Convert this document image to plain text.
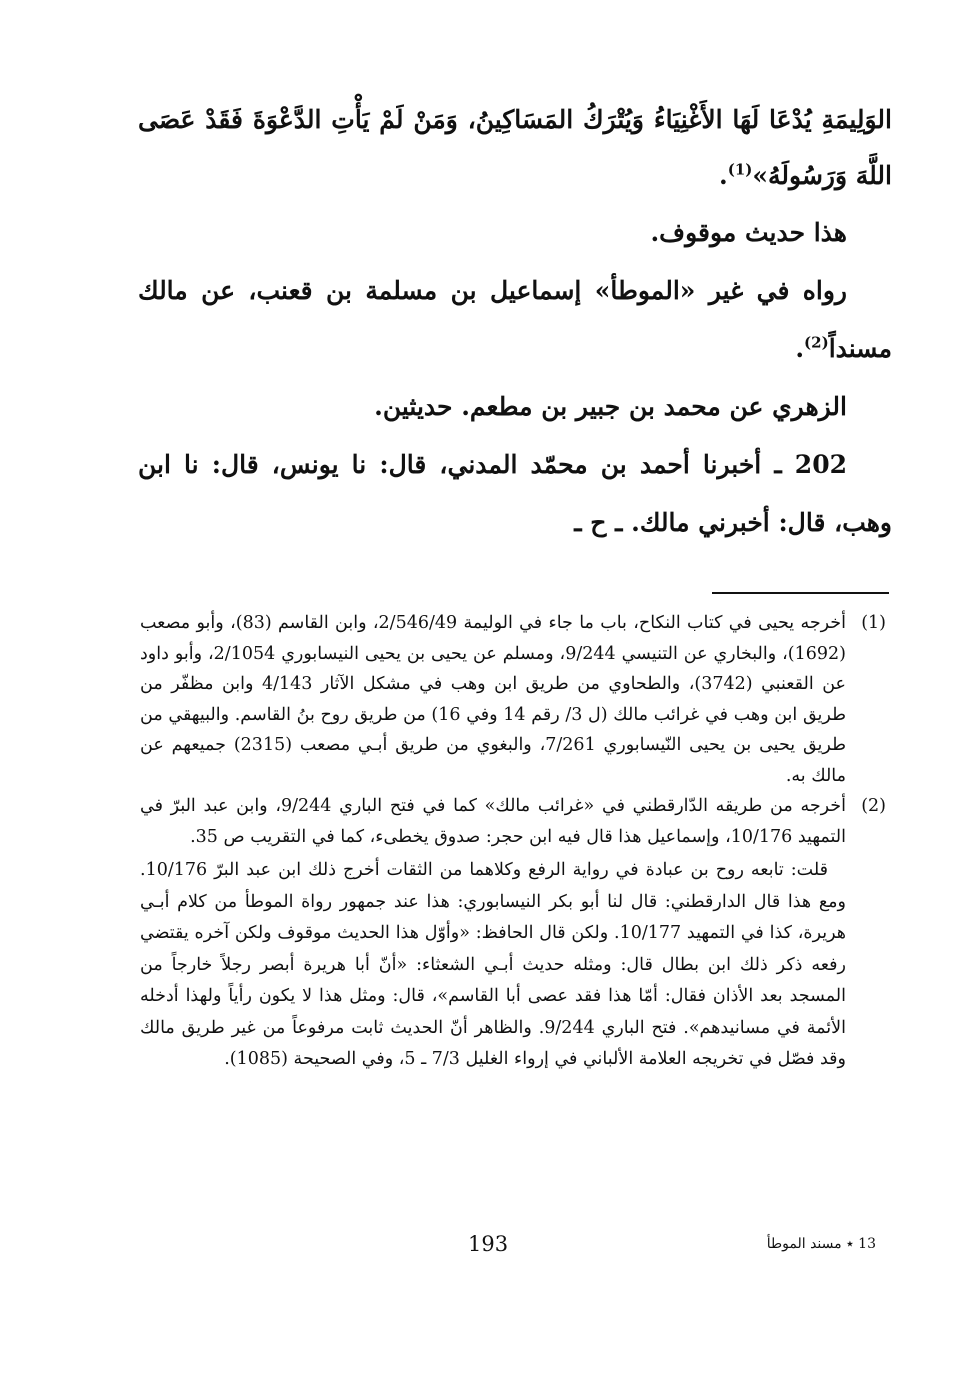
الوَلِيمَةِ يُدْعَا لَهَا الأَغْنِيَاءُ وَيُتْرَكُ المَسَاكِينُ، وَمَنْ لَمْ يَأْتِ الدَّعْوَةَ فَقَدْ عَصَى اللَّهَ وَرَسُولَهُ»$^{(1)}$.

هذا حديث موقوف.

رواه في غير «الموطأ» إسماعيل بن مسلمة بن قعنب، عن مالك مسنداً$^{(2)}$.

الزهري عن محمد بن جبير بن مطعم. حديثين.

202 ـ أخبرنا أحمد بن محمّد المدني، قال: نا يونس، قال: نا ابن وهب، قال: أخبرني مالك. ـ ح ـ

(1)
أخرجه يحيى في كتاب النكاح، باب ما جاء في الوليمة 2/546/49، وابن القاسم (83)، وأبو مصعب (1692)، والبخاري عن التنيسي 9/244، ومسلم عن يحيى بن يحيى النيسابوري 2/1054، وأبو داود عن القعنبي (3742)، والطحاوي من طريق ابن وهب في مشكل الآثار 4/143 وابن مظفّر من طريق ابن وهب في غرائب مالك (ل 3/ رقم 14 وفي 16) من طريق روح بنُ القاسم. والبيهقي من طريق يحيى بن يحيى النّيسابوري 7/261، والبغوي من طريق أبـي مصعب (2315) جميعهم عن مالك به.
(2)
أخرجه من طريقه الدّارقطني في «غرائب مالك» كما في فتح الباري 9/244، وابن عبد البرّ في التمهيد 10/176، وإسماعيل هذا قال فيه ابن حجر: صدوق يخطىء، كما في التقريب ص 35.
قلت: تابعه روح بن عبادة في رواية الرفع وكلاهما من الثقات أخرج ذلك ابن عبد البرّ 10/176. ومع هذا قال الدارقطني: قال لنا أبو بكر النيسابوري: هذا عند جمهور رواة الموطأ من كلام أبـي هريرة، كذا في التمهيد 10/177. ولكن قال الحافظ: «وأوّل هذا الحديث موقوف ولكن آخره يقتضي رفعه ذكر ذلك ابن بطال قال: ومثله حديث أبـي الشعثاء: «أنّ أبا هريرة أبصر رجلاً خارجاً من المسجد بعد الأذان فقال: أمّا هذا فقد عصى أبا القاسم»، قال: ومثل هذا لا يكون رأياً ولهذا أدخله الأئمة في مسانيدهم». فتح الباري 9/244. والظاهر أنّ الحديث ثابت مرفوعاً من غير طريق مالك وقد فصّل في تخريجه العلامة الألباني في إرواء الغليل 7/3 ـ 5، وفي الصحيحة (1085).
193	13 ٭ مسند الموطأ
